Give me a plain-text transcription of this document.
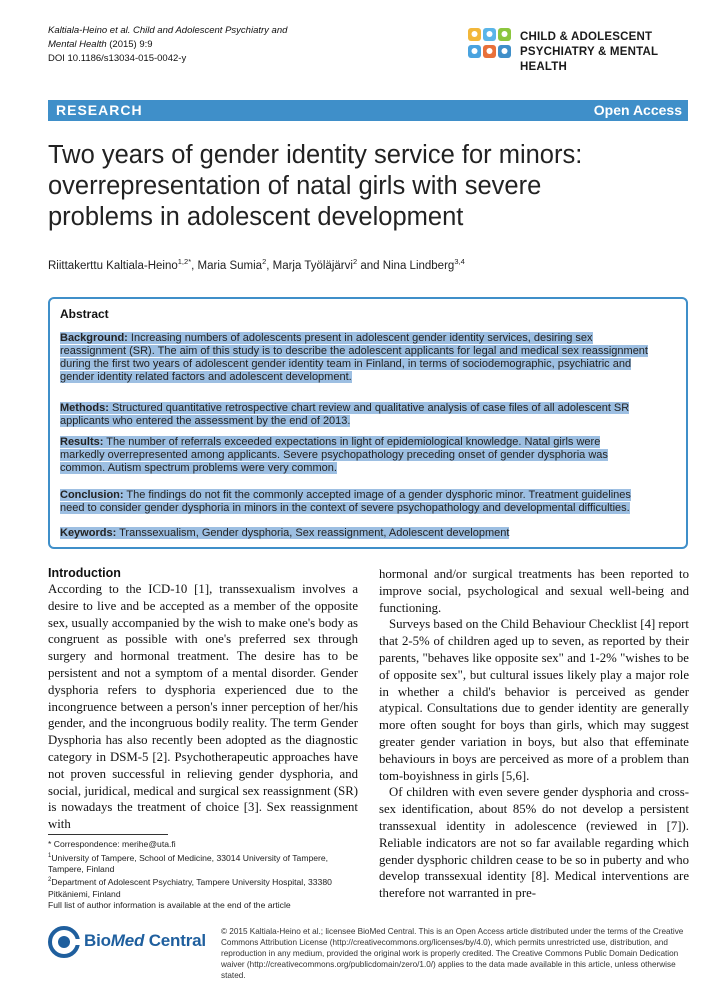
Kaltiala-Heino et al. Child and Adolescent Psychiatry and
Mental Health (2015) 9:9
DOI 10.1186/s13034-015-0042-y
CHILD & ADOLESCENT
PSYCHIATRY & MENTAL HEALTH
RESEARCH	Open Access
Two years of gender identity service for minors:
overrepresentation of natal girls with severe
problems in adolescent development
Riittakerttu Kaltiala-Heino$^{1,2*}$, Maria Sumia$^2$, Marja Työläjärvi$^2$ and Nina Lindberg$^{3,4}$
Abstract
Background: Increasing numbers of adolescents present in adolescent gender identity services, desiring sex
reassignment (SR). The aim of this study is to describe the adolescent applicants for legal and medical sex reassignment
during the first two years of adolescent gender identity team in Finland, in terms of sociodemographic, psychiatric and
gender identity related factors and adolescent development.
Methods: Structured quantitative retrospective chart review and qualitative analysis of case files of all adolescent SR
applicants who entered the assessment by the end of 2013.
Results: The number of referrals exceeded expectations in light of epidemiological knowledge. Natal girls were
markedly overrepresented among applicants. Severe psychopathology preceding onset of gender dysphoria was
common. Autism spectrum problems were very common.
Conclusion: The findings do not fit the commonly accepted image of a gender dysphoric minor. Treatment guidelines
need to consider gender dysphoria in minors in the context of severe psychopathology and developmental difficulties.
Keywords: Transsexualism, Gender dysphoria, Sex reassignment, Adolescent development
Introduction

According to the ICD-10 [1], transsexualism involves a desire to live and be accepted as a member of the opposite sex, usually accompanied by the wish to make one's body as congruent as possible with one's preferred sex through surgery and hormonal treatment. The desire has to be persistent and not a symptom of a mental disorder. Gender dysphoria refers to dysphoria experienced due to the incongruence between a person's inner perception of her/his gender, and the incongruous bodily reality. The term Gender Dysphoria has also recently been adopted as the diagnostic category in DSM-5 [2]. Psychotherapeutic approaches have not proven successful in relieving gender dysphoria, and social, juridical, medical and surgical sex reassignment (SR) is nowadays the treatment of choice [3]. Sex reassignment with

hormonal and/or surgical treatments has been reported to improve social, psychological and sexual well-being and functioning.

Surveys based on the Child Behaviour Checklist [4] report that 2-5% of children aged up to seven, as reported by their parents, "behaves like opposite sex" and 1-2% "wishes to be of opposite sex", but cultural issues likely play a major role in whether a child's behavior is perceived as gender atypical. Consultations due to gender identity are generally more often sought for boys than girls, which may suggest greater gender variation in boys, but also that effeminate behaviours in boys are perceived as more of a problem than tom-boyishness in girls [5,6].

Of children with even severe gender dysphoria and cross-sex identification, about 85% do not develop a persistent transsexual identity in adolescence (reviewed in [7]). Reliable indicators are not so far available regarding which gender dysphoric children cease to be so in puberty and who develop transsexual identity [8]. Medical interventions are therefore not warranted in pre-

* Correspondence: merihe@uta.fi

$^1$University of Tampere, School of Medicine, 33014 University of Tampere, Tampere, Finland

$^2$Department of Adolescent Psychiatry, Tampere University Hospital, 33380 Pitkäniemi, Finland

Full list of author information is available at the end of the article

BioMed Central © 2015 Kaltiala-Heino et al.; licensee BioMed Central. This is an Open Access article distributed under the terms of the Creative Commons Attribution License (http://creativecommons.org/licenses/by/4.0), which permits unrestricted use, distribution, and reproduction in any medium, provided the original work is properly credited. The Creative Commons Public Domain Dedication waiver (http://creativecommons.org/publicdomain/zero/1.0/) applies to the data made available in this article, unless otherwise stated.
